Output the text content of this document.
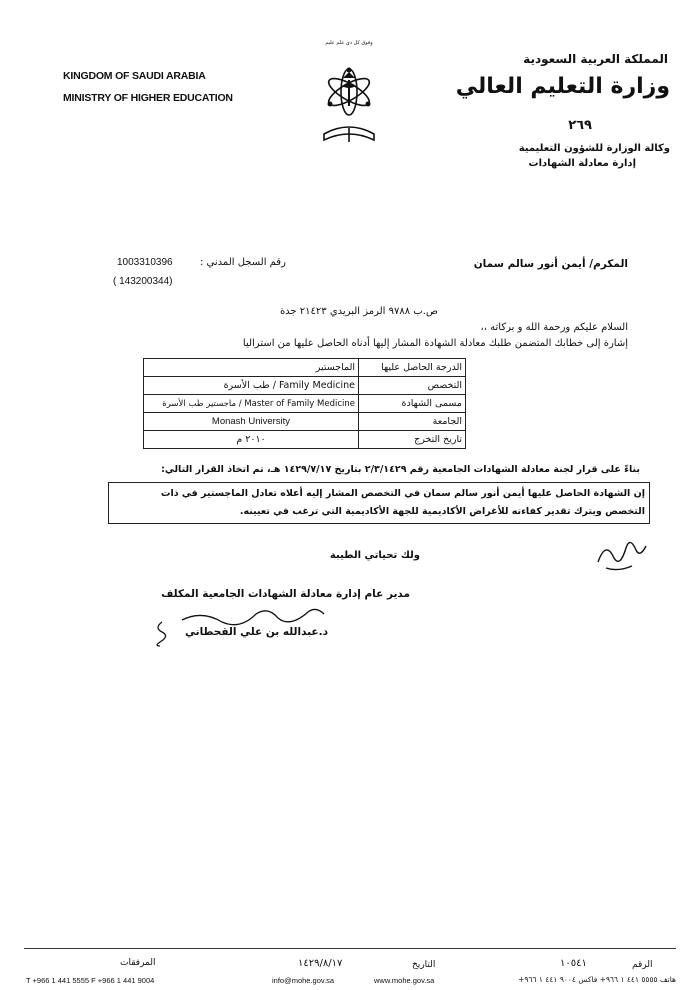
KINGDOM OF SAUDI ARABIA
MINISTRY OF HIGHER EDUCATION
وفوق كل ذي علم عليم
المملكة العربية السعودية
وزارة التعليم العالي
٢٦٩
وكالة الوزارة للشؤون التعليمية
إدارة معادلة الشهادات
المكرم/ أيمن أنور سالم سمان
رقم السجل المدني :
1003310396
( 143200344)
ص.ب ٩٧٨٨ الرمز البريدي ٢١٤٢٣ جدة
السلام عليكم ورحمة الله و بركاته ،،
إشارة إلى خطابك المتضمن طلبك معادلة الشهادة المشار إليها أدناه الحاصل عليها من استراليا
الماجستير	الدرجة الحاصل عليها
Family Medicine / طب الأسرة	التخصص
Master of Family Medicine / ماجستير طب الأسرة	مسمى الشهادة
Monash University	الجامعة
٢٠١٠ م	تاريخ التخرج
بناءً على قرار لجنة معادلة الشهادات الجامعية رقم ٢/٣/١٤٢٩ بتاريخ ١٤٢٩/٧/١٧ هـ، تم اتخاذ القرار التالي:
إن الشهادة الحاصل عليها أيمن أنور سالم سمان في التخصص المشار إليه أعلاه تعادل الماجستير في ذات
التخصص ويترك تقدير كفاءته للأغراض الأكاديمية للجهة الأكاديمية التي ترغب في تعيينه.
ولك تحياتي الطيبة
مدير عام إدارة معادلة الشهادات الجامعية المكلف
د.عبدالله بن علي القحطاني
المرفقات	١٤٢٩/٨/١٧	التاريخ	١٠٥٤١	الرقم
T +966 1 441 5555 F +966 1 441 9004	info@mohe.gov.sa	www.mohe.gov.sa	هاتف ٥٥٥٥ ٤٤١ ١ ٩٦٦+ فاكس ٩٠٠٤ ٤٤١ ١ ٩٦٦+
